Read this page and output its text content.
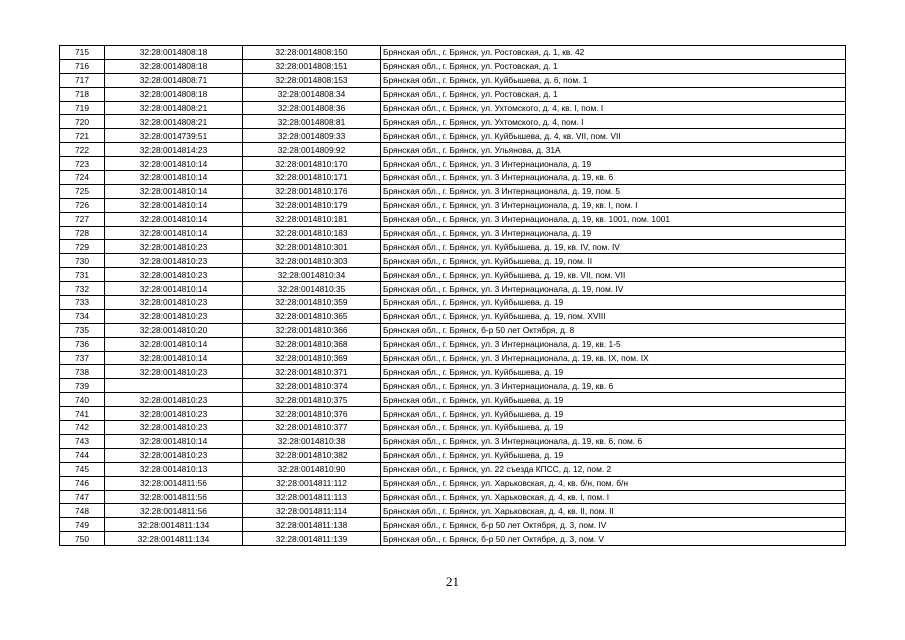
715	32:28:0014808:18	32:28:0014808:150	Брянская обл., г. Брянск, ул. Ростовская, д. 1, кв. 42
716	32:28:0014808:18	32:28:0014808:151	Брянская обл., г. Брянск, ул. Ростовская, д. 1
717	32:28:0014808:71	32:28:0014808:153	Брянская обл., г. Брянск, ул. Куйбышева, д. 6, пом. 1
718	32:28:0014808:18	32:28:0014808:34	Брянская обл., г. Брянск, ул. Ростовская, д. 1
719	32:28:0014808:21	32:28:0014808:36	Брянская обл., г. Брянск, ул. Ухтомского, д. 4, кв. I, пом. I
720	32:28:0014808:21	32:28:0014808:81	Брянская обл., г. Брянск, ул. Ухтомского, д. 4, пом. I
721	32:28:0014739:51	32:28:0014809:33	Брянская обл., г. Брянск, ул. Куйбышева, д. 4, кв. VII, пом. VII
722	32:28:0014814:23	32:28:0014809:92	Брянская обл., г. Брянск, ул. Ульянова, д. 31А
723	32:28:0014810:14	32:28:0014810:170	Брянская обл., г. Брянск, ул. 3 Интернационала, д. 19
724	32:28:0014810:14	32:28:0014810:171	Брянская обл., г. Брянск, ул. 3 Интернационала, д. 19, кв. 6
725	32:28:0014810:14	32:28:0014810:176	Брянская обл., г. Брянск, ул. 3 Интернационала, д. 19, пом. 5
726	32:28:0014810:14	32:28:0014810:179	Брянская обл., г. Брянск, ул. 3 Интернационала, д. 19, кв. I, пом. I
727	32:28:0014810:14	32:28:0014810:181	Брянская обл., г. Брянск, ул. 3 Интернационала, д. 19, кв. 1001, пом. 1001
728	32:28:0014810:14	32:28:0014810:183	Брянская обл., г. Брянск, ул. 3 Интернационала, д. 19
729	32:28:0014810:23	32:28:0014810:301	Брянская обл., г. Брянск, ул. Куйбышева, д. 19, кв. IV, пом. IV
730	32:28:0014810:23	32:28:0014810:303	Брянская обл., г. Брянск, ул. Куйбышева, д. 19, пом. II
731	32:28:0014810:23	32:28:0014810:34	Брянская обл., г. Брянск, ул. Куйбышева, д. 19, кв. VII, пом. VII
732	32:28:0014810:14	32:28:0014810:35	Брянская обл., г. Брянск, ул. 3 Интернационала, д. 19, пом. IV
733	32:28:0014810:23	32:28:0014810:359	Брянская обл., г. Брянск, ул. Куйбышева, д. 19
734	32:28:0014810:23	32:28:0014810:365	Брянская обл., г. Брянск, ул. Куйбышева, д. 19, пом. XVIII
735	32:28:0014810:20	32:28:0014810:366	Брянская обл., г. Брянск, б-р 50 лет Октября, д. 8
736	32:28:0014810:14	32:28:0014810:368	Брянская обл., г. Брянск, ул. 3 Интернационала, д. 19, кв. 1-5
737	32:28:0014810:14	32:28:0014810:369	Брянская обл., г. Брянск, ул. 3 Интернационала, д. 19, кв. IX, пом. IX
738	32:28:0014810:23	32:28:0014810:371	Брянская обл., г. Брянск, ул. Куйбышева, д. 19
739		32:28:0014810:374	Брянская обл., г. Брянск, ул. 3 Интернационала, д. 19, кв. 6
740	32:28:0014810:23	32:28:0014810:375	Брянская обл., г. Брянск, ул. Куйбышева, д. 19
741	32:28:0014810:23	32:28:0014810:376	Брянская обл., г. Брянск, ул. Куйбышева, д. 19
742	32:28:0014810:23	32:28:0014810:377	Брянская обл., г. Брянск, ул. Куйбышева, д. 19
743	32:28:0014810:14	32:28:0014810:38	Брянская обл., г. Брянск, ул. 3 Интернационала, д. 19, кв. 6, пом. 6
744	32:28:0014810:23	32:28:0014810:382	Брянская обл., г. Брянск, ул. Куйбышева, д. 19
745	32:28:0014810:13	32:28:0014810:90	Брянская обл., г. Брянск, ул. 22 съезда КПСС, д. 12, пом. 2
746	32:28:0014811:56	32:28:0014811:112	Брянская обл., г. Брянск, ул. Харьковская, д. 4, кв. б/н, пом. б/н
747	32:28:0014811:56	32:28:0014811:113	Брянская обл., г. Брянск, ул. Харьковская, д. 4, кв. I, пом. I
748	32:28:0014811:56	32:28:0014811:114	Брянская обл., г. Брянск, ул. Харьковская, д. 4, кв. II, пом. II
749	32:28:0014811:134	32:28:0014811:138	Брянская обл., г. Брянск, б-р 50 лет Октября, д. 3, пом. IV
750	32:28:0014811:134	32:28:0014811:139	Брянская обл., г. Брянск, б-р 50 лет Октября, д. 3, пом. V
21
